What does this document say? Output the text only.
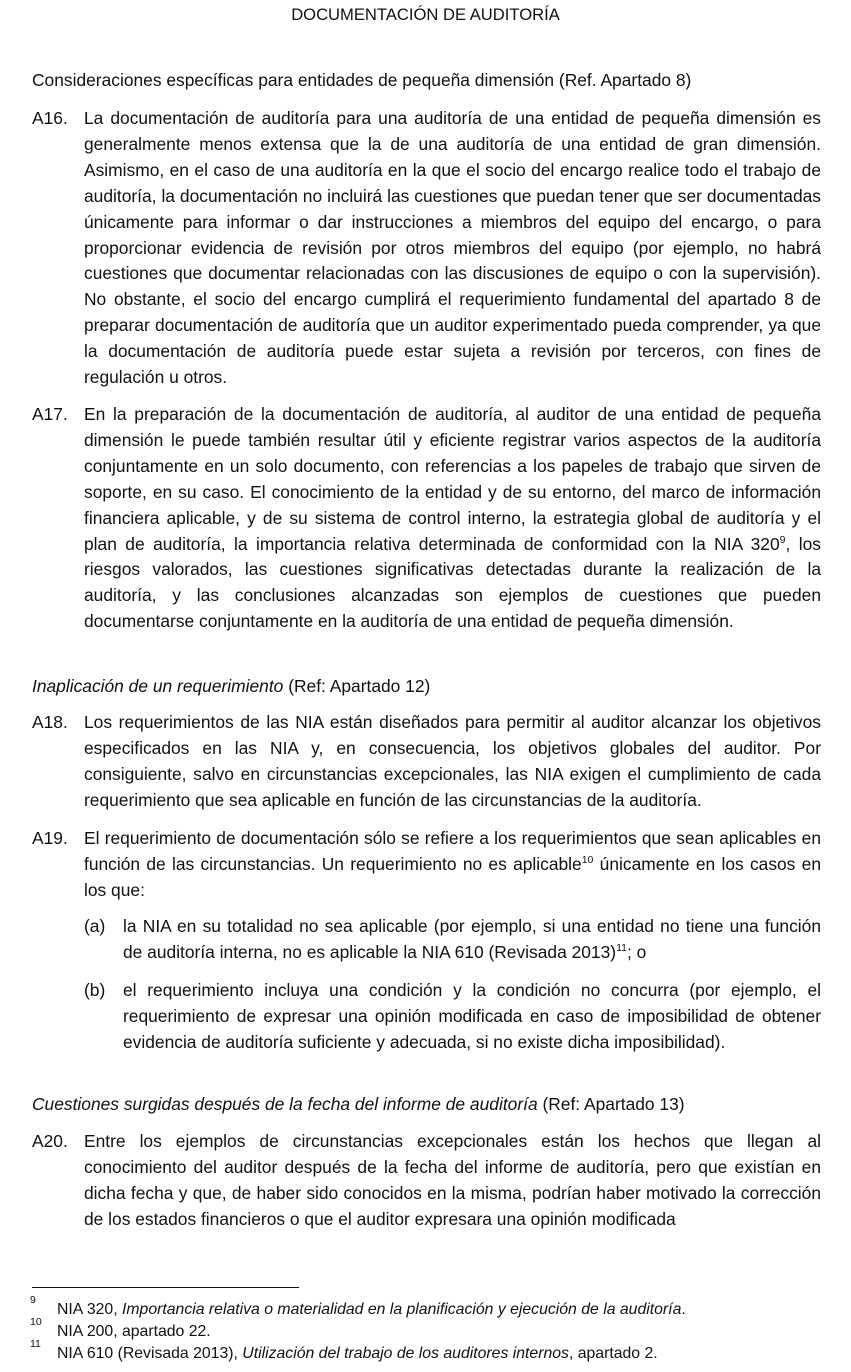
DOCUMENTACIÓN DE AUDITORÍA
Consideraciones específicas para entidades de pequeña dimensión (Ref. Apartado 8)
A16. La documentación de auditoría para una auditoría de una entidad de pequeña dimensión es generalmente menos extensa que la de una auditoría de una entidad de gran dimensión. Asimismo, en el caso de una auditoría en la que el socio del encargo realice todo el trabajo de auditoría, la documentación no incluirá las cuestiones que puedan tener que ser documentadas únicamente para informar o dar instrucciones a miembros del equipo del encargo, o para proporcionar evidencia de revisión por otros miembros del equipo (por ejemplo, no habrá cuestiones que documentar relacionadas con las discusiones de equipo o con la supervisión). No obstante, el socio del encargo cumplirá el requerimiento fundamental del apartado 8 de preparar documentación de auditoría que un auditor experimentado pueda comprender, ya que la documentación de auditoría puede estar sujeta a revisión por terceros, con fines de regulación u otros.
A17. En la preparación de la documentación de auditoría, al auditor de una entidad de pequeña dimensión le puede también resultar útil y eficiente registrar varios aspectos de la auditoría conjuntamente en un solo documento, con referencias a los papeles de trabajo que sirven de soporte, en su caso. El conocimiento de la entidad y de su entorno, del marco de información financiera aplicable, y de su sistema de control interno, la estrategia global de auditoría y el plan de auditoría, la importancia relativa determinada de conformidad con la NIA $320^9$, los riesgos valorados, las cuestiones significativas detectadas durante la realización de la auditoría, y las conclusiones alcanzadas son ejemplos de cuestiones que pueden documentarse conjuntamente en la auditoría de una entidad de pequeña dimensión.
Inaplicación de un requerimiento (Ref: Apartado 12)
A18. Los requerimientos de las NIA están diseñados para permitir al auditor alcanzar los objetivos especificados en las NIA y, en consecuencia, los objetivos globales del auditor. Por consiguiente, salvo en circunstancias excepcionales, las NIA exigen el cumplimiento de cada requerimiento que sea aplicable en función de las circunstancias de la auditoría.
A19. El requerimiento de documentación sólo se refiere a los requerimientos que sean aplicables en función de las circunstancias. Un requerimiento no es aplicable$^{10}$ únicamente en los casos en los que:
(a)	la NIA en su totalidad no sea aplicable (por ejemplo, si una entidad no tiene una función de auditoría interna, no es aplicable la NIA 610 (Revisada 2013)$^{11}$; o
(b)	el requerimiento incluya una condición y la condición no concurra (por ejemplo, el requerimiento de expresar una opinión modificada en caso de imposibilidad de obtener evidencia de auditoría suficiente y adecuada, si no existe dicha imposibilidad).
Cuestiones surgidas después de la fecha del informe de auditoría (Ref: Apartado 13)
A20. Entre los ejemplos de circunstancias excepcionales están los hechos que llegan al conocimiento del auditor después de la fecha del informe de auditoría, pero que existían en dicha fecha y que, de haber sido conocidos en la misma, podrían haber motivado la corrección de los estados financieros o que el auditor expresara una opinión modificada
9
NIA 320, Importancia relativa o materialidad en la planificación y ejecución de la auditoría.
10
NIA 200, apartado 22.
11
NIA 610 (Revisada 2013), Utilización del trabajo de los auditores internos, apartado 2.
